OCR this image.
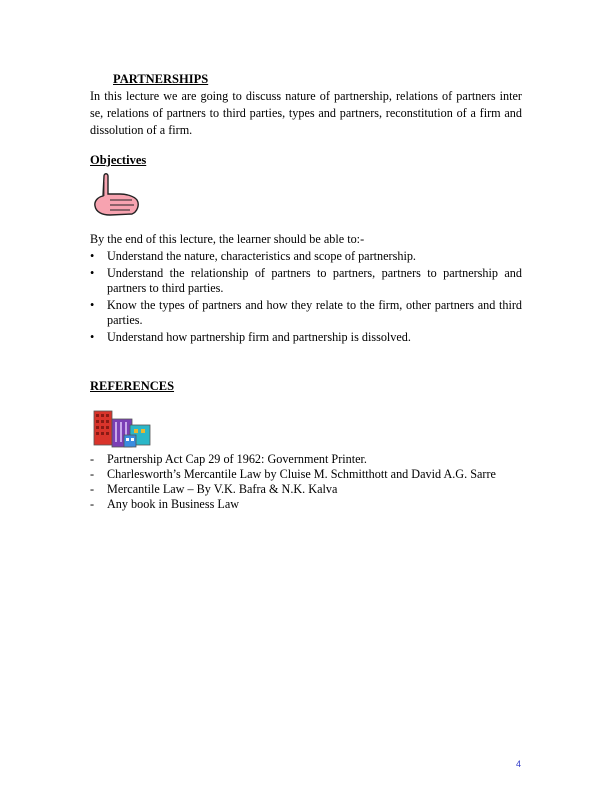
PARTNERSHIPS
In this lecture we are going to discuss nature of partnership, relations of partners inter se, relations of partners to third parties, types and partners, reconstitution of a firm and dissolution of a firm.
Objectives
By the end of this lecture, the learner should be able to:-
• Understand the nature, characteristics and scope of partnership.
• Understand the relationship of partners to partners, partners to partnership and partners to third parties.
• Know the types of partners and how they relate to the firm, other partners and third parties.
• Understand how partnership firm and partnership is dissolved.
REFERENCES
- Partnership Act Cap 29 of 1962: Government Printer.
- Charlesworth’s Mercantile Law by Cluise M. Schmitthott and David A.G. Sarre
- Mercantile Law – By V.K. Bafra & N.K. Kalva
- Any book in Business Law
4
